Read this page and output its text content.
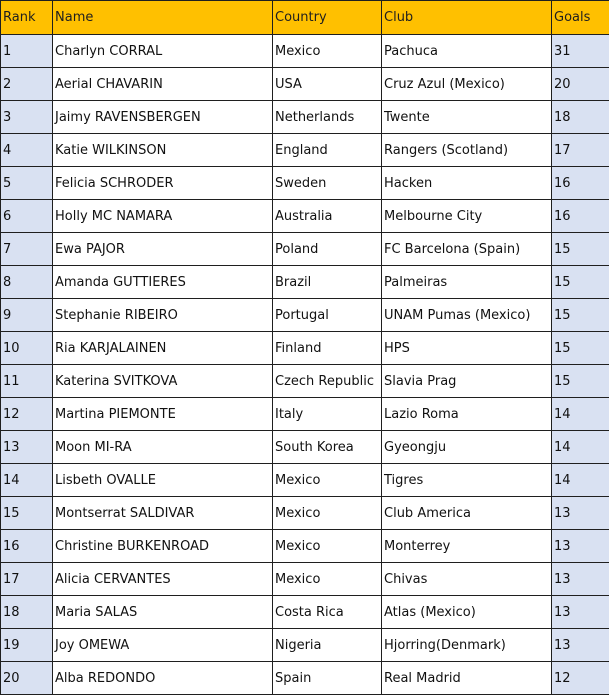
Rank	Name	Country	Club	Goals
1	Charlyn CORRAL	Mexico	Pachuca	31
2	Aerial CHAVARIN	USA	Cruz Azul (Mexico)	20
3	Jaimy RAVENSBERGEN	Netherlands	Twente	18
4	Katie WILKINSON	England	Rangers (Scotland)	17
5	Felicia SCHRODER	Sweden	Hacken	16
6	Holly MC NAMARA	Australia	Melbourne City	16
7	Ewa PAJOR	Poland	FC Barcelona (Spain)	15
8	Amanda GUTTIERES	Brazil	Palmeiras	15
9	Stephanie RIBEIRO	Portugal	UNAM Pumas (Mexico)	15
10	Ria KARJALAINEN	Finland	HPS	15
11	Katerina SVITKOVA	Czech Republic	Slavia Prag	15
12	Martina PIEMONTE	Italy	Lazio Roma	14
13	Moon MI-RA	South Korea	Gyeongju	14
14	Lisbeth OVALLE	Mexico	Tigres	14
15	Montserrat SALDIVAR	Mexico	Club America	13
16	Christine BURKENROAD	Mexico	Monterrey	13
17	Alicia CERVANTES	Mexico	Chivas	13
18	Maria SALAS	Costa Rica	Atlas (Mexico)	13
19	Joy OMEWA	Nigeria	Hjorring(Denmark)	13
20	Alba REDONDO	Spain	Real Madrid	12
